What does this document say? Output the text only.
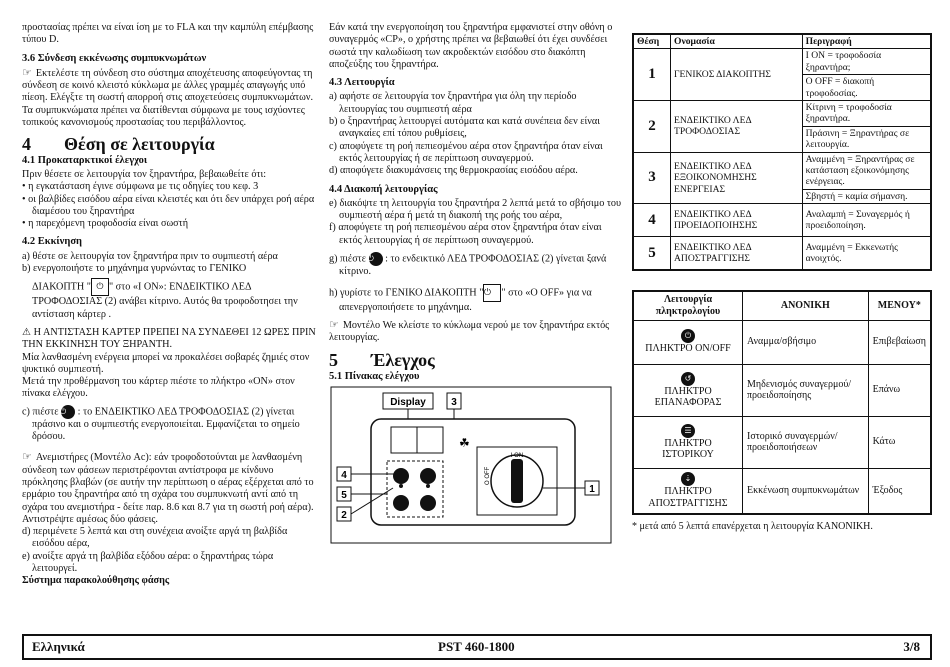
προστασίας πρέπει να είναι ίση με το FLA και την καμπύλη επέμβασης τύπου D.

3.6 Σύνδεση εκκένωσης συμπυκνωμάτων

☞ Εκτελέστε τη σύνδεση στο σύστημα αποχέτευσης αποφεύγοντας τη σύνδεση σε κοινό κλειστό κύκλωμα με άλλες γραμμές απαγωγής υπό πίεση. Ελέγξτε τη σωστή απορροή στις αποχετεύσεις συμπυκνωμάτων. Τα συμπυκνώματα πρέπει να διατίθενται σύμφωνα με τους ισχύοντες τοπικούς κανονισμούς προστασίας του περιβάλλοντος.

4	Θέση σε λειτουργία

4.1 Προκαταρκτικοί έλεγχοι

Πριν θέσετε σε λειτουργία τον ξηραντήρα, βεβαιωθείτε ότι:

• η εγκατάσταση έγινε σύμφωνα με τις οδηγίες του κεφ. 3

• οι βαλβίδες εισόδου αέρα είναι κλειστές και ότι δεν υπάρχει ροή αέρα διαμέσου του ξηραντήρα

• η παρεχόμενη τροφοδοσία είναι σωστή

4.2 Εκκίνηση

a) θέστε σε λειτουργία τον ξηραντήρα πριν το συμπιεστή αέρα

b) ενεργοποιήστε το μηχάνημα γυρνώντας το ΓΕΝΙΚΟ

ΔΙΑΚΟΠΤΗ " ⏻ " στο «Ι ON»: ΕΝΔΕΙΚΤΙΚΟ ΛΕΔ ΤΡΟΦΟΔΟΣΙΑΣ (2) ανάβει κίτρινο. Αυτός θα τροφοδοτησει την αντίσταση κάρτερ .

⚠ Η ΑΝΤΙΣΤΑΣΗ ΚΑΡΤΕΡ ΠΡΕΠΕΙ ΝΑ ΣΥΝΔΕΘΕΙ 12 ΩΡΕΣ ΠΡΙΝ ΤΗΝ ΕΚΚΙΝΗΣΗ ΤΟΥ ΞΗΡΑΝΤΗ.

Μία λανθασμένη ενέργεια μπορεί να προκαλέσει σοβαρές ζημιές στον ψυκτικό συμπιεστή.

Μετά την προθέρμανση του κάρτερ πιέστε το πλήκτρο «ON» στον πίνακα ελέγχου.

c) πιέστε ⏻ : το ΕΝΔΕΙΚΤΙΚΟ ΛΕΔ ΤΡΟΦΟΔΟΣΙΑΣ (2) γίνεται πράσινο και ο συμπιεστής ενεργοποιείται. Εμφανίζεται το σημείο δρόσου.

☞ Ανεμιστήρες (Μοντέλο Ac): εάν τροφοδοτούνται με λανθασμένη σύνδεση των φάσεων περιστρέφονται αντίστροφα με κίνδυνο πρόκλησης βλαβών (σε αυτήν την περίπτωση ο αέρας εξέρχεται από το ερμάριο του ξηραντήρα από τη σχάρα του συμπυκνωτή αντί από τη σχάρα του ανεμιστήρα - δείτε παρ. 8.6 και 8.7 για τη σωστή ροή αέρα). Αντιστρέψτε αμέσως δύο φάσεις.

d) περιμένετε 5 λεπτά και στη συνέχεια ανοίξτε αργά τη βαλβίδα εισόδου αέρα,

e) ανοίξτε αργά τη βαλβίδα εξόδου αέρα: ο ξηραντήρας τώρα λειτουργεί.

Σύστημα παρακολούθησης φάσης

Εάν κατά την ενεργοποίηση του ξηραντήρα εμφανιστεί στην οθόνη ο συναγερμός «CP», ο χρήστης πρέπει να βεβαιωθεί ότι έχει συνδέσει σωστά την καλωδίωση των ακροδεκτών εισόδου στο διακόπτη αποζεύξης του ξηραντήρα.

4.3 Λειτουργία

a) αφήστε σε λειτουργία τον ξηραντήρα για όλη την περίοδο λειτουργίας του συμπιεστή αέρα

b) ο ξηραντήρας λειτουργεί αυτόματα και κατά συνέπεια δεν είναι αναγκαίες επί τόπου ρυθμίσεις,

c) αποφύγετε τη ροή πεπιεσμένου αέρα στον ξηραντήρα όταν είναι εκτός λειτουργίας ή σε περίπτωση συναγερμού.

d) αποφύγετε διακυμάνσεις της θερμοκρασίας εισόδου αέρα.

4.4 Διακοπή λειτουργίας

e) διακόψτε τη λειτουργία του ξηραντήρα 2 λεπτά μετά το σβήσιμο του συμπιεστή αέρα ή μετά τη διακοπή της ροής του αέρα,

f) αποφύγετε τη ροή πεπιεσμένου αέρα στον ξηραντήρα όταν είναι εκτός λειτουργίας ή σε περίπτωση συναγερμού.

g) πιέστε ⏻ : το ενδεικτικό ΛΕΔ ΤΡΟΦΟΔΟΣΙΑΣ (2) γίνεται ξανά κίτρινο.

h) γυρίστε το ΓΕΝΙΚΟ ΔΙΑΚΟΠΤΗ "⏻ " στο «O OFF» για να απενεργοποιήσετε το μηχάνημα.

☞ Μοντέλο We κλείστε το κύκλωμα νερού με τον ξηραντήρα εκτός λειτουργίας.

5	Έλεγχος

5.1 Πίνακας ελέγχου

Display	3
☘
I ON
O OFF
1
4
5
2
Θέση	Ονομασία	Περιγραφή
1	ΓΕΝΙΚΟΣ ΔΙΑΚΟΠΤΗΣ	I ON = τροφοδοσία ξηραντήρα;
		O OFF = διακοπή τροφοδοσίας.
2	ΕΝΔΕΙΚΤΙΚΟ ΛΕΔ ΤΡΟΦΟΔΟΣΙΑΣ	Κίτρινη = τροφοδοσία ξηραντήρα.
		Πράσινη = Ξηραντήρας σε λειτουργία.
3	ΕΝΔΕΙΚΤΙΚΟ ΛΕΔ ΕΞΟΙΚΟΝΟΜΗΣΗΣ ΕΝΕΡΓΕΙΑΣ	Αναμμένη = Ξηραντήρας σε κατάσταση εξοικονόμησης ενέργειας.
		Σβηστή = καμία σήμανση.
4	ΕΝΔΕΙΚΤΙΚΟ ΛΕΔ ΠΡΟΕΙΔΟΠΟΙΗΣΗΣ	Αναλαμπή = Συναγερμός ή προειδοποίηση.
5	ΕΝΔΕΙΚΤΙΚΟ ΛΕΔ ΑΠΟΣΤΡΑΓΓΙΣΗΣ	Αναμμένη = Εκκενωτής ανοιχτός.
Λειτουργία πληκτρολογίου	ΑΝΟΝΙΚΗ	ΜΕΝΟΥ*
⏻
ΠΛΗΚΤΡΟ ON/OFF	Αναμμα/σβήσιμο	Επιβεβαίωση
↺
ΠΛΗΚΤΡΟ ΕΠΑΝΑΦΟΡΑΣ	Μηδενισμός συναγερμού/ προειδοποίησης	Επάνω
☰
ΠΛΗΚΤΡΟ ΙΣΤΟΡΙΚΟΥ	Ιστορικό συναγερμών/ προειδοποιήσεων	Κάτω
⇣
ΠΛΗΚΤΡΟ ΑΠΟΣΤΡΑΓΓΙΣΗΣ	Εκκένωση συμπυκνωμάτων	Έξοδος

* μετά από 5 λεπτά επανέρχεται η λειτουργία ΚΑΝΟΝΙΚΗ.

Ελληνικά	PST 460-1800	3/8
